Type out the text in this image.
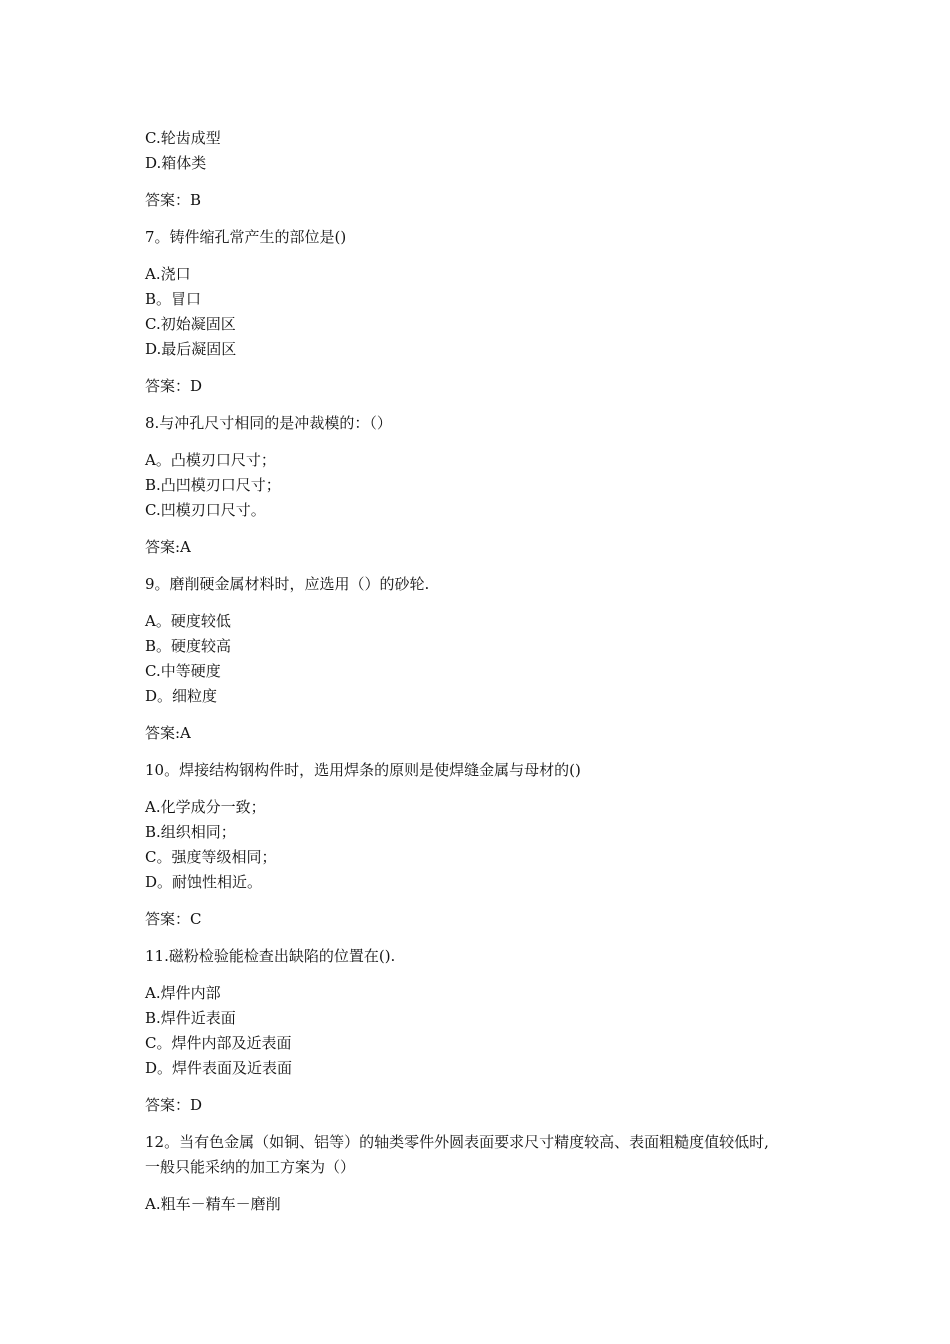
C.轮齿成型
D.箱体类
答案：B
7。铸件缩孔常产生的部位是()
A.浇口
B。冒口
C.初始凝固区
D.最后凝固区
答案：D
8.与冲孔尺寸相同的是冲裁模的：（）
A。凸模刃口尺寸；
B.凸凹模刃口尺寸；
C.凹模刃口尺寸。
答案:A
9。磨削硬金属材料时，应选用（）的砂轮.
A。硬度较低
B。硬度较高
C.中等硬度
D。细粒度
答案:A
10。焊接结构钢构件时，选用焊条的原则是使焊缝金属与母材的()
A.化学成分一致；
B.组织相同；
C。强度等级相同；
D。耐蚀性相近。
答案：C
11.磁粉检验能检查出缺陷的位置在().
A.焊件内部
B.焊件近表面
C。焊件内部及近表面
D。焊件表面及近表面
答案：D
12。当有色金属（如铜、铝等）的轴类零件外圆表面要求尺寸精度较高、表面粗糙度值较低时,
一般只能采纳的加工方案为（）
A.粗车－精车－磨削
